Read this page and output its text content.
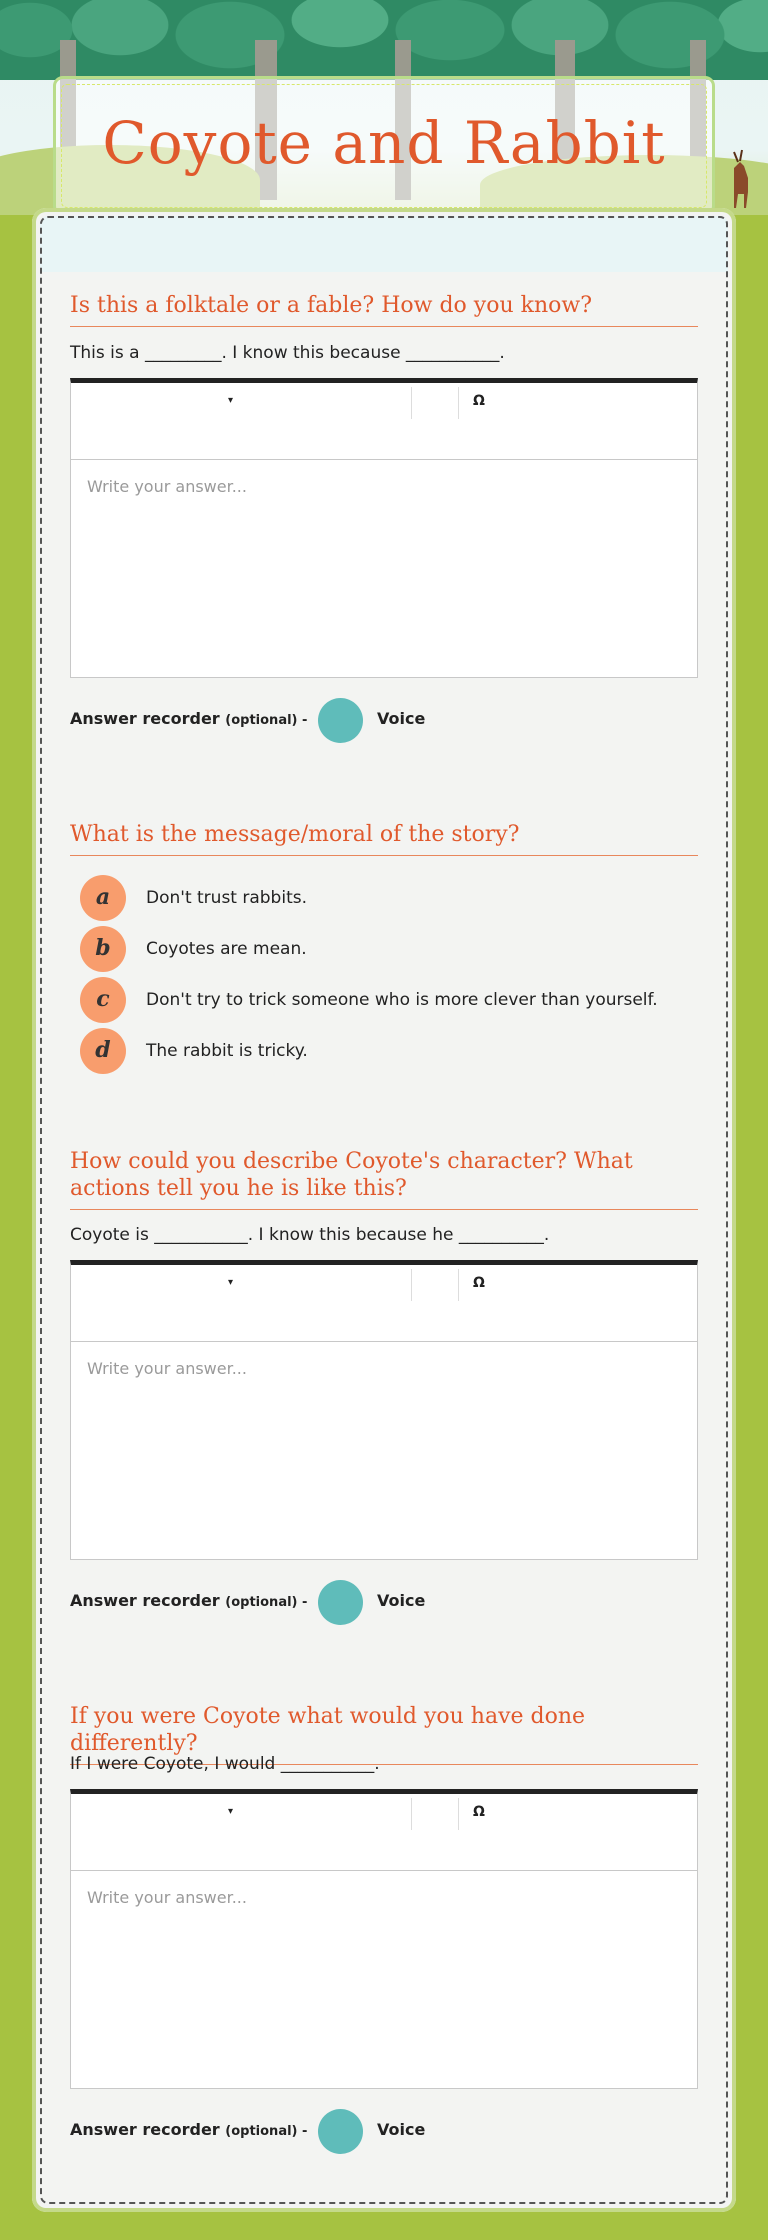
Coyote and Rabbit
Is this a folktale or a fable? How do you know?
This is a _________. I know this because ___________.
▾	Ω
Write your answer...
Answer recorder (optional) -	Voice
What is the message/moral of the story?
a	Don't trust rabbits.
b	Coyotes are mean.
c	Don't try to trick someone who is more clever than yourself.
d	The rabbit is tricky.
How could you describe Coyote's character? What actions tell you he is like this?
Coyote is ___________. I know this because he __________.
▾	Ω
Write your answer...
Answer recorder (optional) -	Voice
If you were Coyote what would you have done differently?
If I were Coyote, I would ___________.
▾	Ω
Write your answer...
Answer recorder (optional) -	Voice
